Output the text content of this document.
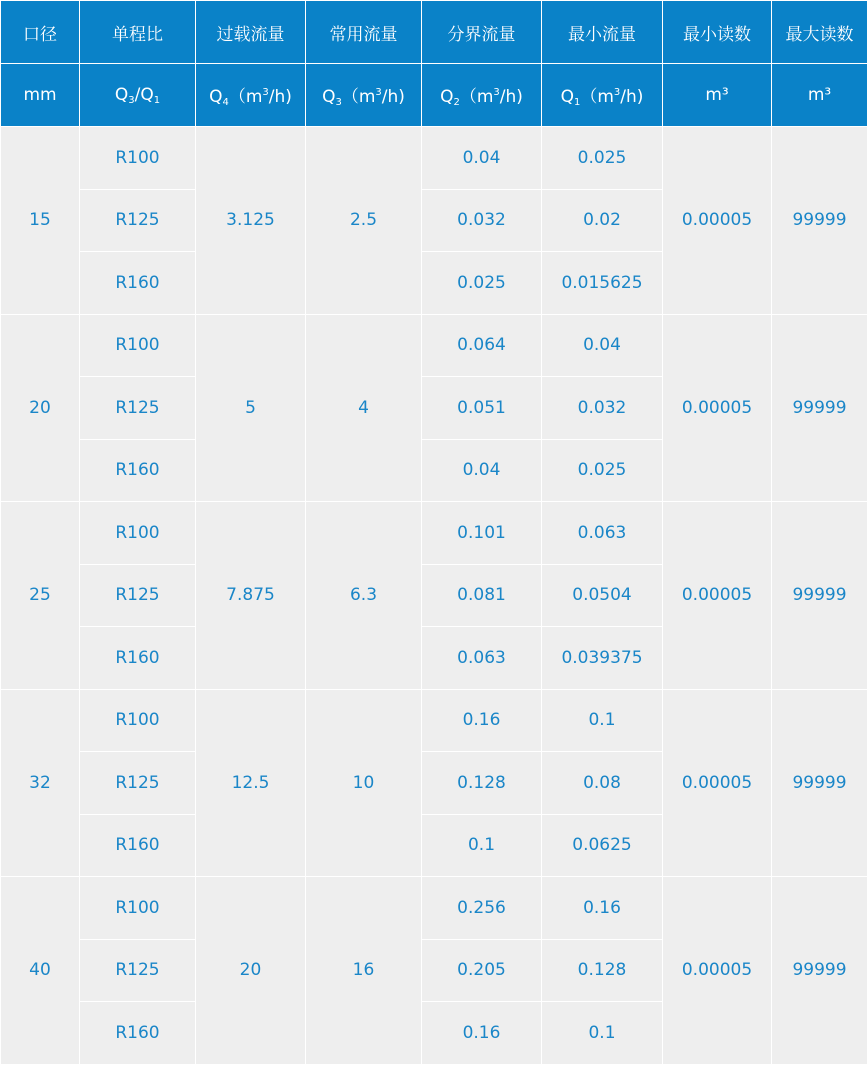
口径	单程比	过载流量	常用流量	分界流量	最小流量	最小读数	最大读数
mm	$Q_3/Q_1$	$Q_4(m^3/h)$	$Q_3(m^3/h)$	$Q_2(m^3/h)$	$Q_1(m^3/h)$	m³	m³
15	R100	3.125	2.5	0.04	0.025	0.00005	99999
	R125			0.032	0.02		
	R160			0.025	0.015625		
20	R100	5	4	0.064	0.04	0.00005	99999
	R125			0.051	0.032		
	R160			0.04	0.025		
25	R100	7.875	6.3	0.101	0.063	0.00005	99999
	R125			0.081	0.0504		
	R160			0.063	0.039375		
32	R100	12.5	10	0.16	0.1	0.00005	99999
	R125			0.128	0.08		
	R160			0.1	0.0625		
40	R100	20	16	0.256	0.16	0.00005	99999
	R125			0.205	0.128		
	R160			0.16	0.1		
